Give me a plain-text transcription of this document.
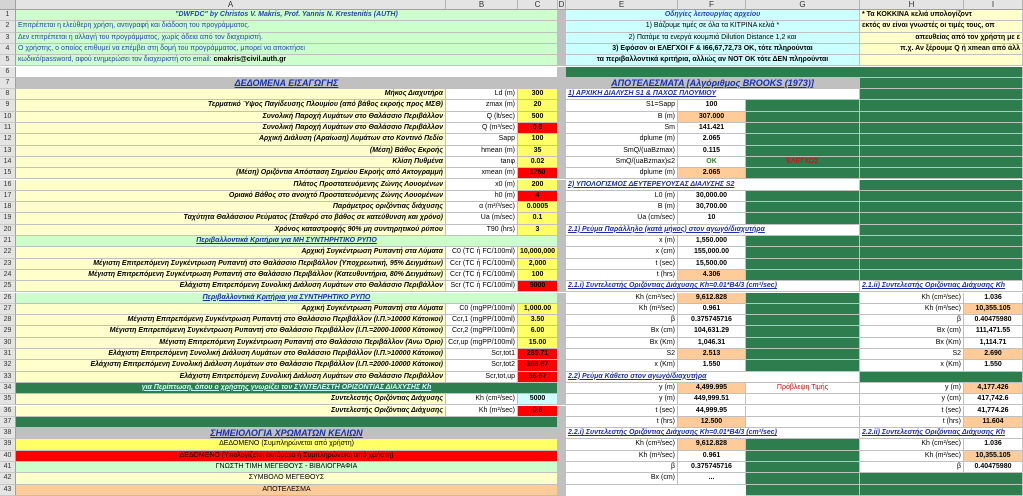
A	B	C	D	E	F	G	H	I
1
2
3
4
5
6
7
8
9
10
11
12
13
14
15
16
17
18
19
20
21
22
23
24
25
26
27
28
29
30
31
32
33
34
35
36
37
38
39
40
41
42
43
"DWFDC" by Christos V. Makris, Prof. Yannis N. Krestenitis (AUTH)	Οδηγίες λειτουργίας αρχείου	* Τα ΚΟΚΚΙΝΑ κελιά υπολογίζοντ
Επιτρέπεται η ελεύθερη χρήση, αντιγραφή και διάδοση του προγράμματος.	1) Βάζουμε τιμές σε όλα τα ΚΙΤΡΙΝΑ κελιά *	εκτός αν είναι γνωστές οι τιμές τους, οπ
Δεν επιτρέπεται η αλλαγή του προγράμματος, χωρίς άδεια από τον διαχειριστή.	2) Πατάμε τα ενεργά κουμπιά Dilution Distance 1,2 και	απευθείας από τον χρήστη με ε
Ο χρήστης, ο οποίος επιθυμεί να επέμβει στη δομή του προγράμματος, μπορεί να αποκτήσει	3) Εφόσον οι ΕΛΕΓΧΟΙ F & I66,67,72,73 OK, τότε πληρούνται	π.χ. Αν ξέρουμε Q ή xmean από άλλ
κωδικό/password, αφού ενημερώσει τον διαχειριστή στο email: cmakris@civil.auth.gr	τα περιβαλλοντικά κριτήρια, αλλιώς αν NOT OK τότε ΔΕΝ πληρούνται
ΔΕΔΟΜΕΝΑ ΕΙΣΑΓΩΓΗΣ	ΑΠΟΤΕΛΕΣΜΑΤΑ [Αλγόριθμος BROOKS (1973)]
Μήκος Διαχυτήρα	Ld (m)	300	1) ΑΡΧΙΚΗ ΔΙΑΛΥΣΗ S1 & ΠΑΧΟΣ ΠΛΟΥΜΙΟΥ
Τερματικό Ύψος Παγίδευσης Πλουμίου (από βάθος εκροής προς ΜΣΘ)	zmax (m)	20	S1=Sapp	100
Συνολική Παροχή Λυμάτων στο Θαλάσσιο Περιβάλλον	Q (lt/sec)	500	B (m)	307.000
Συνολική Παροχή Λυμάτων στο Θαλάσσιο Περιβάλλον	Q (m³/sec)	0.5	Sm	141.421
Αρχική Διάλυση (Αραίωση) Λυμάτων στο Κοντινό Πεδίο	Sapp	100	dplume (m)	2.065
(Μέση) Βάθος Εκροής	hmean (m)	35	SmQ/(uaBzmax)	0.115
Κλίση Πυθμένα	tanφ	0.02	SmQ/(uaBzmax)≤2	OK	ΕΛΕΓΧΟΣ
(Μέση) Οριζόντια Απόσταση Σημείου Εκροής από Ακτογραμμή	xmean (m)	1750	dplume (m)	2.065
Πλάτος Προστατευόμενης Ζώνης Λουομένων	x0 (m)	200	2) ΥΠΟΛΟΓΙΣΜΟΣ ΔΕΥΤΕΡΕΥΟΥΣΑΣ ΔΙΑΛΥΣΗΣ S2
Οριακό Βάθος στο ανοιχτό Προστατευόμενης Ζώνης Λουομένων	h0 (m)	4	L0 (m)	30,000.00
Παράμετρος οριζόντιας διάχυσης	α (m²/³/sec)	0.0005	B (m)	30,700.00
Ταχύτητα Θαλάσσιου Ρεύματος (Σταθερό στο βάθος σε κατεύθυνση και χρόνο)	Ua (m/sec)	0.1	Ua (cm/sec)	10
Χρόνος καταστροφής 90% μη συντηρητικού ρύπου	T90 (hrs)	3	2.1) Ρεύμα Παράλληλο (κατά μήκος) στον αγωγό/διαχυτήρα
Περιβαλλοντικά Κριτήρια για ΜΗ ΣΥΝΤΗΡΗΤΙΚΟ ΡΥΠΟ	x (m)	1,550.000
Αρχική Συγκέντρωση Ρυπαντή στα Λύματα	C0 (TC ή FC/100ml) 10,000,000	x (cm)	155,000.00
Μέγιστη Επιτρεπόμενη Συγκέντρωση Ρυπαντή στο Θαλάσσιο Περιβάλλον (Υποχρεωτική, 95% Δειγμάτων)	Ccr (TC ή FC/100ml)	2,000	t (sec)	15,500.00
Μέγιστη Επιτρεπόμενη Συγκέντρωση Ρυπαντή στο Θαλάσσιο Περιβάλλον (Κατευθυντήρια, 80% Δειγμάτων)	Ccr (TC ή FC/100ml)	100	t (hrs)	4.306
Ελάχιστη Επιτρεπόμενη Συνολική Διάλυση Λυμάτων στο Θαλάσσιο Περιβάλλον	Scr (TC ή FC/100ml)	5000	2.1.i) Συντελεστής Οριζόντιας Διάχυσης Kh=0.01*B4/3 (cm²/sec)	2.1.ii) Συντελεστής Οριζόντιας Διάχυσης Kh
Περιβαλλοντικά Κριτήρια για ΣΥΝΤΗΡΗΤΙΚΟ ΡΥΠΟ	Kh (cm²/sec)	9,612.828	Kh (cm²/sec)	1.036
Αρχική Συγκέντρωση Ρυπαντή στα Λύματα	C0 (mgPP/100ml)	1,000.00	Kh (m²/sec)	0.961	Kh (m²/sec)	10,355.105
Μέγιστη Επιτρεπόμενη Συγκέντρωση Ρυπαντή στο Θαλάσσιο Περιβάλλον (Ι.Π.>10000 Κάτοικοι)	Ccr,1 (mgPP/100ml)	3.50	β	0.375745716	β	0.40475980
Μέγιστη Επιτρεπόμενη Συγκέντρωση Ρυπαντή στο Θαλάσσιο Περιβάλλον (Ι.Π.=2000-10000 Κάτοικοι)	Ccr,2 (mgPP/100ml)	6.00	Bx (cm)	104,631.29	Bx (cm)	111,471.55
Μέγιστη Επιτρεπόμενη Συγκέντρωση Ρυπαντή στο Θαλάσσιο Περιβάλλον (Άνω Όριο) Ccr,up (mgPP/100ml)	15.00	Bx (Km)	1,046.31	Bx (Km)	1,114.71
Ελάχιστη Επιτρεπόμενη Συνολική Διάλυση Λυμάτων στο Θαλάσσιο Περιβάλλον (Ι.Π.>10000 Κάτοικοι)	Scr,tot1	285.71	S2	2.513	S2	2.690
Ελάχιστη Επιτρεπόμενη Συνολική Διάλυση Λυμάτων στο Θαλάσσιο Περιβάλλον (Ι.Π.=2000-10000 Κάτοικοι)	Scr,tot2	166.67	x (Km)	1.550	x (Km)	1.550
Ελάχιστη Επιτρεπόμενη Συνολική Διάλυση Λυμάτων στο Θαλάσσιο Περιβάλλον	Scr,tot,up	66.67	2.2) Ρεύμα Κάθετο στον αγωγό/διαχυτήρα
για Περίπτωση, όπου ο χρήστης γνωρίζει τον ΣΥΝΤΕΛΕΣΤΗ ΟΡΙΖΟΝΤΙΑΣ ΔΙΑΧΥΣΗΣ Kh	y (m)	4,499.995	Πρόβλεψη Τιμής	y (m)	4,177.426
Συντελεστής Οριζόντιας Διάχυσης	Kh (cm²/sec)	5000	y (m)	449,999.51	y (cm)	417,742.6
Συντελεστής Οριζόντιας Διάχυσης	Kh (m²/sec)	0.5	t (sec)	44,999.95	t (sec)	41,774.26
t (hrs)	12.500	t (hrs)	11.604
ΣΗΜΕΙΟΛΟΓΙΑ ΧΡΩΜΑΤΩΝ ΚΕΛΙΩΝ	2.2.i) Συντελεστής Οριζόντιας Διάχυσης Kh=0.01*B4/3 (cm²/sec)	2.2.ii) Συντελεστής Οριζόντιας Διάχυσης Kh
ΔΕΔΟΜΕΝΟ (Συμπληρώνεται από χρήστη)	Kh (cm²/sec)	9,612.828	Kh (cm²/sec)	1.036
ΔΕΔΟΜΕΝΟ (Υπολογίζεται αυτόματα ή Συμπληρώνεται από χρήστη)	Kh (m²/sec)	0.961	Kh (m²/sec)	10,355.105
ΓΝΩΣΤΗ ΤΙΜΗ ΜΕΓΕΘΟΥΣ - ΒΙΒΛΙΟΓΡΑΦΙΑ	β	0.375745716	β	0.40475980
ΣΥΜΒΟΛΟ ΜΕΓΕΘΟΥΣ	Bx (cm)	...
ΑΠΟΤΕΛΕΣΜΑ
